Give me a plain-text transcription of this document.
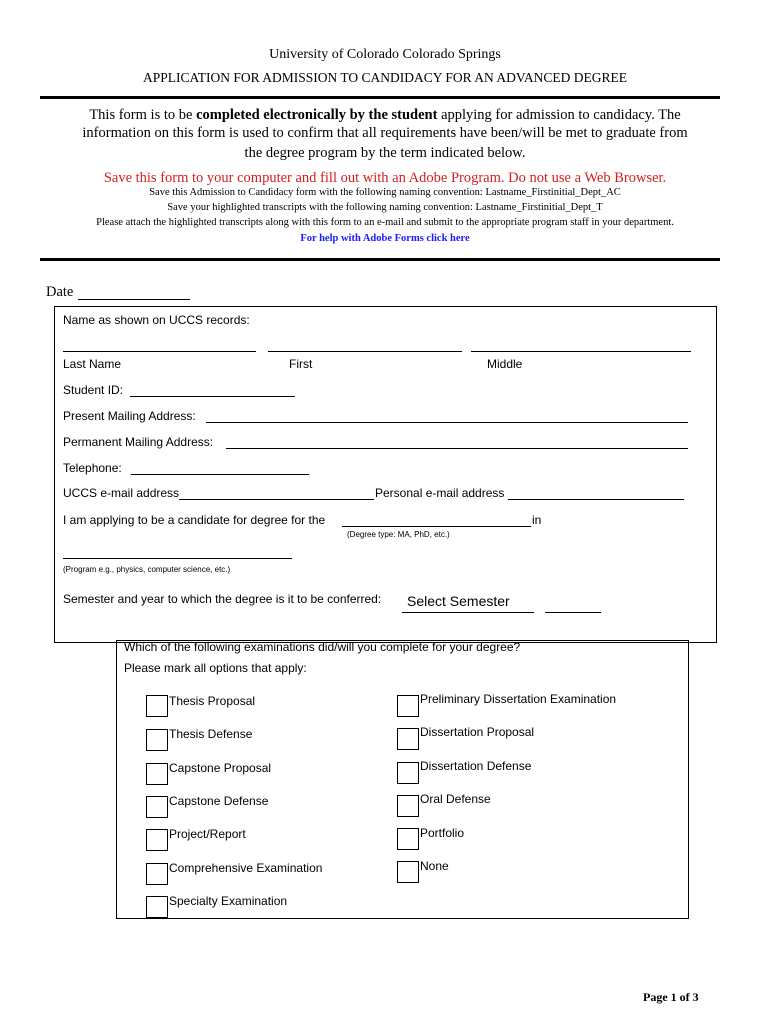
University of Colorado Colorado Springs
APPLICATION FOR ADMISSION TO CANDIDACY FOR AN ADVANCED DEGREE
This form is to be completed electronically by the student applying for admission to candidacy. The
information on this form is used to confirm that all requirements have been/will be met to graduate from
the degree program by the term indicated below.
Save this form to your computer and fill out with an Adobe Program. Do not use a Web Browser.
Save this Admission to Candidacy form with the following naming convention: Lastname_Firstinitial_Dept_AC
Save your highlighted transcripts with the following naming convention: Lastname_Firstinitial_Dept_T
Please attach the highlighted transcripts along with this form to an e-mail and submit to the appropriate program staff in your department.
For help with Adobe Forms click here
Date
Name as shown on UCCS records:
Last Name	First	Middle
Student ID:
Present Mailing Address:
Permanent Mailing Address:
Telephone:
UCCS e-mail address	Personal e-mail address
I am applying to be a candidate for degree for the	in
(Degree type: MA, PhD, etc.)
(Program e.g., physics, computer science, etc.)
Semester and year to which the degree is it to be conferred: Select Semester
Which of the following examinations did/will you complete for your degree?
Please mark all options that apply:
Thesis Proposal
Thesis Defense
Capstone Proposal
Capstone Defense
Project/Report
Comprehensive Examination
Specialty Examination
Preliminary Dissertation Examination
Dissertation Proposal
Dissertation Defense
Oral Defense
Portfolio
None
Page 1 of 3
